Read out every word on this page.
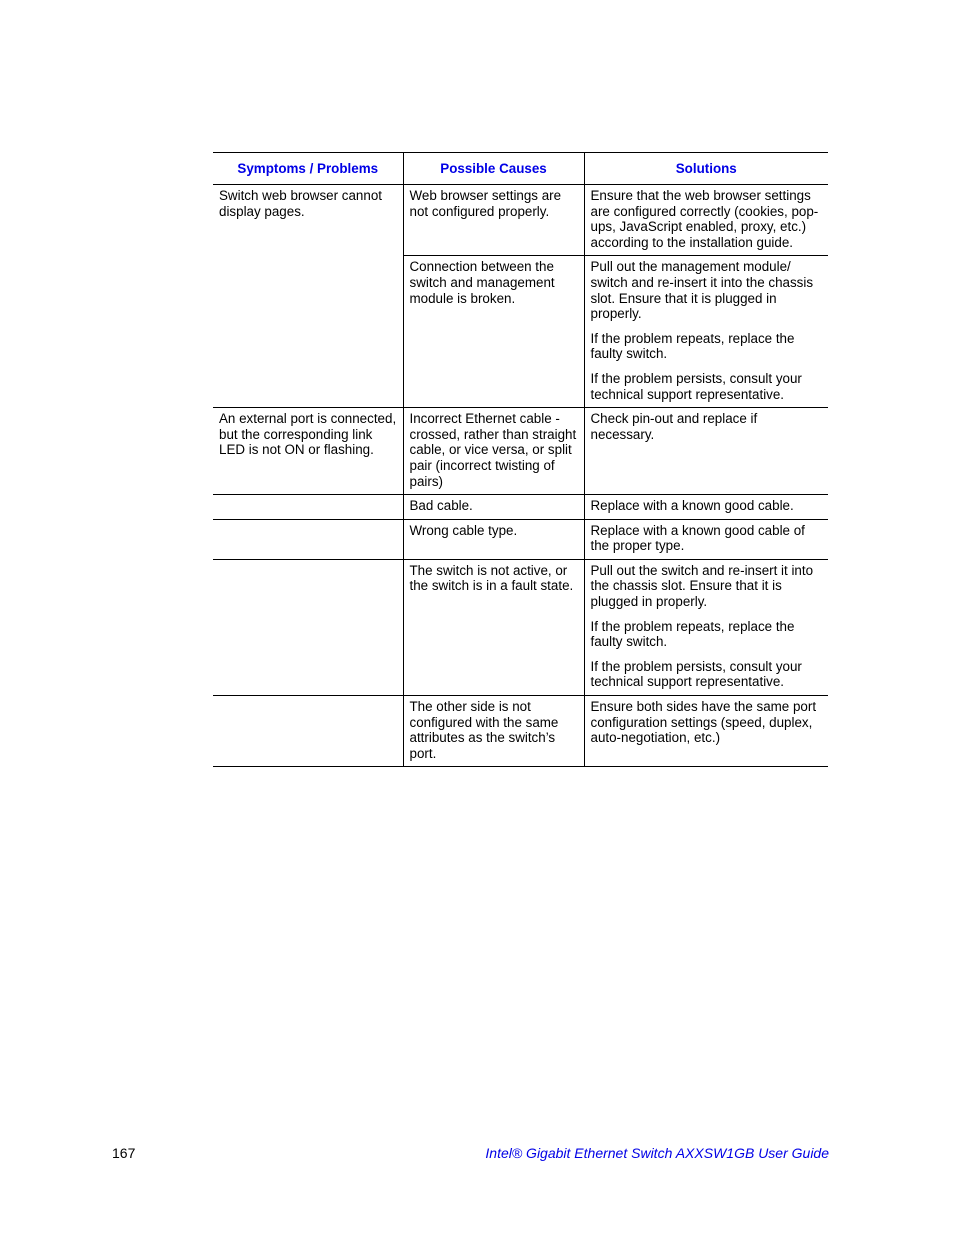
Symptoms / Problems	Possible Causes	Solutions
Switch web browser cannot display pages.	Web browser settings are not configured properly.	Ensure that the web browser settings are configured correctly (cookies, pop-ups, JavaScript enabled, proxy, etc.) according to the installation guide.

	Connection between the switch and management module is broken.	Pull out the management module/ switch and re-insert it into the chassis slot. Ensure that it is plugged in properly.
If the problem repeats, replace the faulty switch.
If the problem persists, consult your technical support representative.

An external port is connected, but the corresponding link LED is not ON or flashing.	Incorrect Ethernet cable - crossed, rather than straight cable, or vice versa, or split pair (incorrect twisting of pairs)	Check pin-out and replace if necessary.

	Bad cable.	Replace with a known good cable.

	Wrong cable type.	Replace with a known good cable of the proper type.

	The switch is not active, or the switch is in a fault state.	Pull out the switch and re-insert it into the chassis slot. Ensure that it is plugged in properly.
If the problem repeats, replace the faulty switch.
If the problem persists, consult your technical support representative.

	The other side is not configured with the same attributes as the switch’s port.	Ensure both sides have the same port configuration settings (speed, duplex, auto-negotiation, etc.)
167	Intel® Gigabit Ethernet Switch AXXSW1GB User Guide
